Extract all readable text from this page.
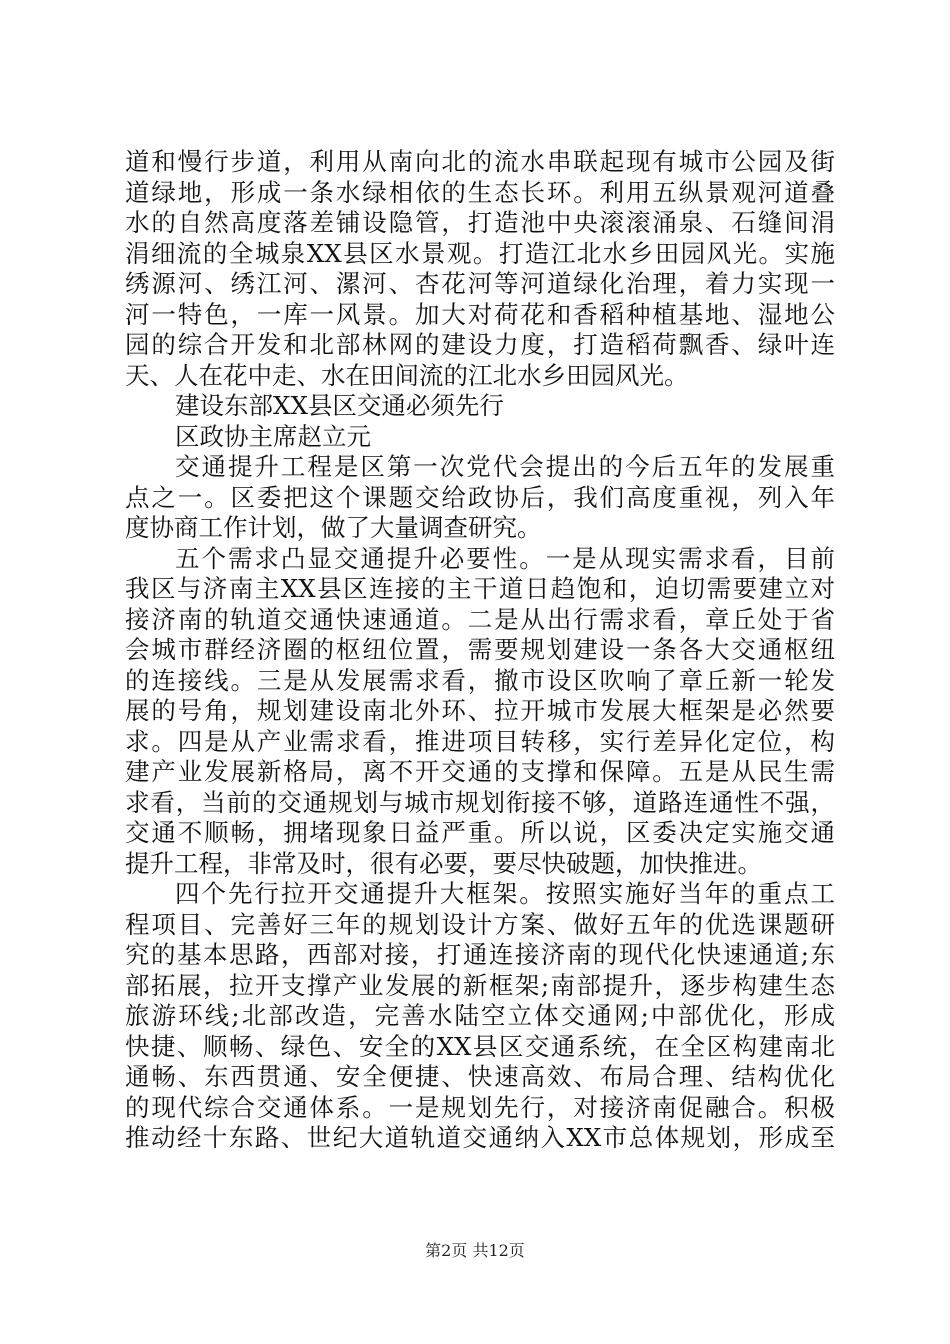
道和慢行步道，利用从南向北的流水串联起现有城市公园及街
道绿地，形成一条水绿相依的生态长环。利用五纵景观河道叠
水的自然高度落差铺设隐管，打造池中央滚滚涌泉、石缝间涓
涓细流的全城泉XX县区水景观。打造江北水乡田园风光。实施
绣源河、绣江河、漯河、杏花河等河道绿化治理，着力实现一
河一特色，一库一风景。加大对荷花和香稻种植基地、湿地公
园的综合开发和北部林网的建设力度，打造稻荷飘香、绿叶连
天、人在花中走、水在田间流的江北水乡田园风光。
建设东部XX县区交通必须先行
区政协主席赵立元
交通提升工程是区第一次党代会提出的今后五年的发展重
点之一。区委把这个课题交给政协后，我们高度重视，列入年
度协商工作计划，做了大量调查研究。
五个需求凸显交通提升必要性。一是从现实需求看，目前
我区与济南主XX县区连接的主干道日趋饱和，迫切需要建立对
接济南的轨道交通快速通道。二是从出行需求看，章丘处于省
会城市群经济圈的枢纽位置，需要规划建设一条各大交通枢纽
的连接线。三是从发展需求看，撤市设区吹响了章丘新一轮发
展的号角，规划建设南北外环、拉开城市发展大框架是必然要
求。四是从产业需求看，推进项目转移，实行差异化定位，构
建产业发展新格局，离不开交通的支撑和保障。五是从民生需
求看，当前的交通规划与城市规划衔接不够，道路连通性不强，
交通不顺畅，拥堵现象日益严重。所以说，区委决定实施交通
提升工程，非常及时，很有必要，要尽快破题，加快推进。
四个先行拉开交通提升大框架。按照实施好当年的重点工
程项目、完善好三年的规划设计方案、做好五年的优选课题研
究的基本思路，西部对接，打通连接济南的现代化快速通道;东
部拓展，拉开支撑产业发展的新框架;南部提升，逐步构建生态
旅游环线;北部改造，完善水陆空立体交通网;中部优化，形成
快捷、顺畅、绿色、安全的XX县区交通系统，在全区构建南北
通畅、东西贯通、安全便捷、快速高效、布局合理、结构优化
的现代综合交通体系。一是规划先行，对接济南促融合。积极
推动经十东路、世纪大道轨道交通纳入XX市总体规划，形成至
第2页 共12页
